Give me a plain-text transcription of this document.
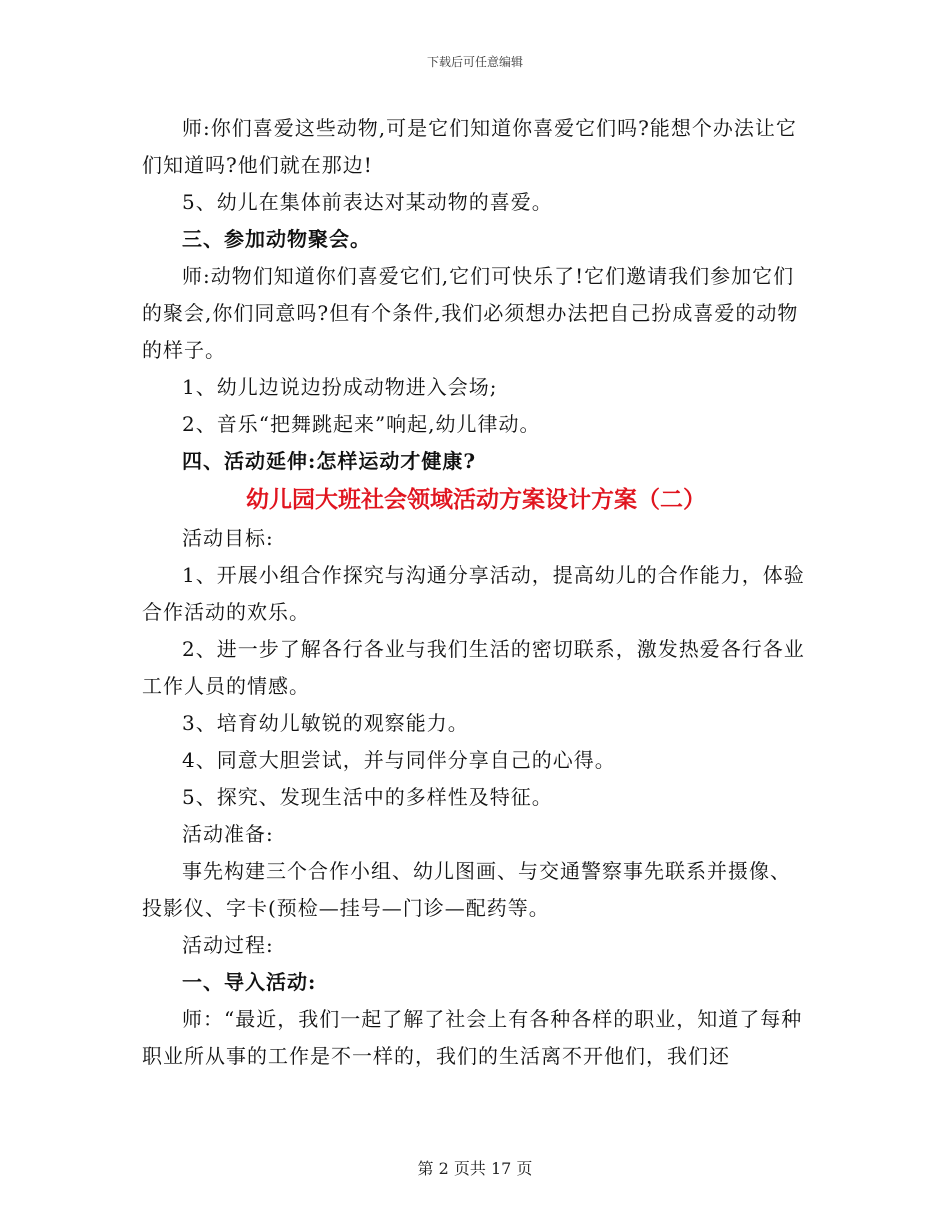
下载后可任意编辑

师:你们喜爱这些动物,可是它们知道你喜爱它们吗?能想个办法让它们知道吗?他们就在那边!

5、幼儿在集体前表达对某动物的喜爱。

三、参加动物聚会。

师:动物们知道你们喜爱它们,它们可快乐了!它们邀请我们参加它们的聚会,你们同意吗?但有个条件,我们必须想办法把自己扮成喜爱的动物的样子。

1、幼儿边说边扮成动物进入会场;

2、音乐“把舞跳起来”响起,幼儿律动。

四、活动延伸:怎样运动才健康?

幼儿园大班社会领域活动方案设计方案（二）

活动目标:

1、开展小组合作探究与沟通分享活动，提高幼儿的合作能力，体验合作活动的欢乐。

2、进一步了解各行各业与我们生活的密切联系，激发热爱各行各业工作人员的情感。

3、培育幼儿敏锐的观察能力。

4、同意大胆尝试，并与同伴分享自己的心得。

5、探究、发现生活中的多样性及特征。

活动准备:

事先构建三个合作小组、幼儿图画、与交通警察事先联系并摄像、投影仪、字卡(预检—挂号—门诊—配药等。

活动过程:

一、导入活动:

师：“最近，我们一起了解了社会上有各种各样的职业，知道了每种职业所从事的工作是不一样的，我们的生活离不开他们，我们还

第 2 页共 17 页
